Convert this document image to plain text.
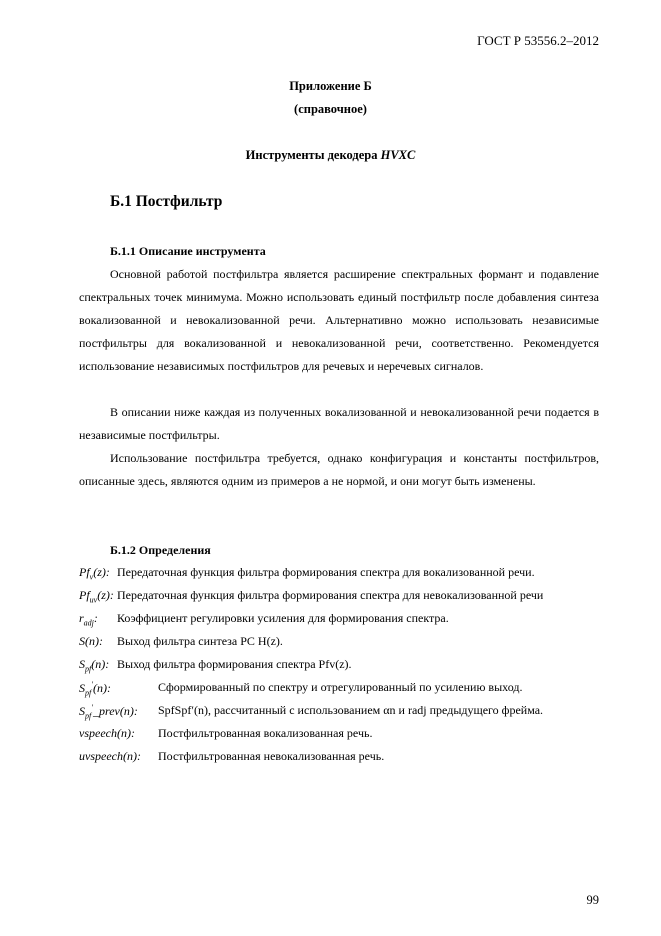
ГОСТ Р 53556.2–2012
Приложение Б
(справочное)
Инструменты декодера HVXC
Б.1 Постфильтр
Б.1.1 Описание инструмента

Основной работой постфильтра является расширение спектральных формант и подавление спектральных точек минимума. Можно использовать единый постфильтр после добавления синтеза вокализованной и невокализованной речи. Альтернативно можно использовать независимые постфильтры для вокализованной и невокализованной речи, соответственно. Рекомендуется использование независимых постфильтров для речевых и неречевых сигналов.

В описании ниже каждая из полученных вокализованной и невокализованной речи подается в независимые постфильтры.

Использование постфильтра требуется, однако конфигурация и константы постфильтров, описанные здесь, являются одним из примеров а не нормой, и они могут быть изменены.

Б.1.2 Определения
$Pf_v(z)$: Передаточная функция фильтра формирования спектра для вокализованной речи.
$Pf_{uv}(z)$: Передаточная функция фильтра формирования спектра для невокализованной речи
$r_{adj}$: Коэффициент регулировки усиления для формирования спектра.
S(n): Выход фильтра синтеза PC H(z).
$S_{pf}(n)$: Выход фильтра формирования спектра Pfv(z).
$S_{pf}'(n)$:	Сформированный по спектру и отрегулированный по усилению выход.
$S_{pf}'\_prev(n)$: SpfSpf′(n), рассчитанный с использованием αn и radj предыдущего фрейма.
vspeech(n): Постфильтрованная вокализованная речь.
uvspeech(n): Постфильтрованная невокализованная речь.
99
